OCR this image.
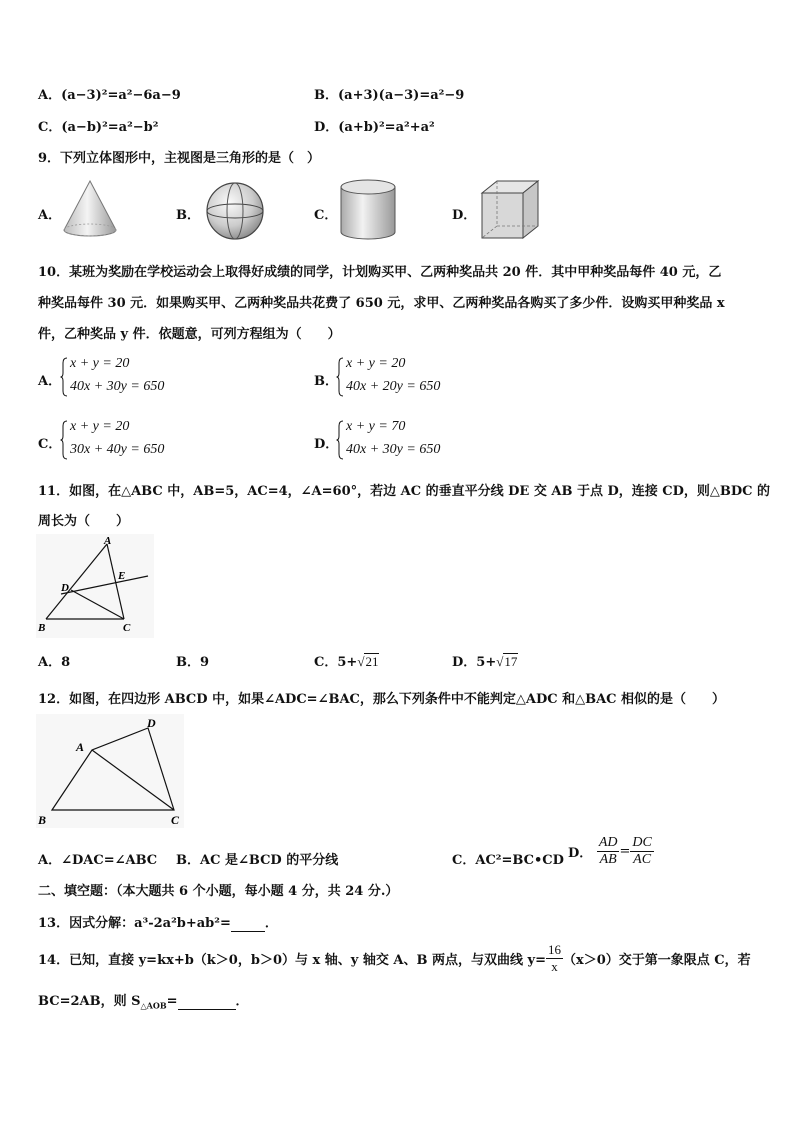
A．(a−3)²=a²−6a−9	B．(a+3)(a−3)=a²−9
C．(a−b)²=a²−b²	D．(a+b)²=a²+a²
9．下列立体图形中，主视图是三角形的是（　）
A．	B．	C．	D．
10．某班为奖励在学校运动会上取得好成绩的同学，计划购买甲、乙两种奖品共 20 件．其中甲种奖品每件 40 元，乙
种奖品每件 30 元．如果购买甲、乙两种奖品共花费了 650 元，求甲、乙两种奖品各购买了多少件．设购买甲种奖品 x
件，乙种奖品 y 件．依题意，可列方程组为（　　）
A．
x + y = 20
40x + 30y = 650	B．
x + y = 20
40x + 20y = 650
C．
x + y = 20
30x + 40y = 650	D．
x + y = 70
40x + 30y = 650
11．如图，在△ABC 中，AB=5，AC=4，∠A=60°，若边 AC 的垂直平分线 DE 交 AB 于点 D，连接 CD，则△BDC 的
周长为（　　）
A
B	C
D
E
A．8	B．9	C．5+√21	D．5+√17
12．如图，在四边形 ABCD 中，如果∠ADC=∠BAC，那么下列条件中不能判定△ADC 和△BAC 相似的是（　　）
A
B	C
D
A．∠DAC=∠ABC B．AC 是∠BCD 的平分线	C．AC²=BC•CD D． $\frac{AD}{AB} = \frac{DC}{AC}$
二、填空题：（本大题共 6 个小题，每小题 4 分，共 24 分.）
13．因式分解：a³-2a²b+ab²=	．
14．已知，直接 y=kx+b（k＞0，b＞0）与 x 轴、y 轴交 A、B 两点，与双曲线 $y= \frac{16}{x} (x>0)$交于第一象限点 C，若
BC=2AB，则 $S_{\triangle AOB}=$	．
